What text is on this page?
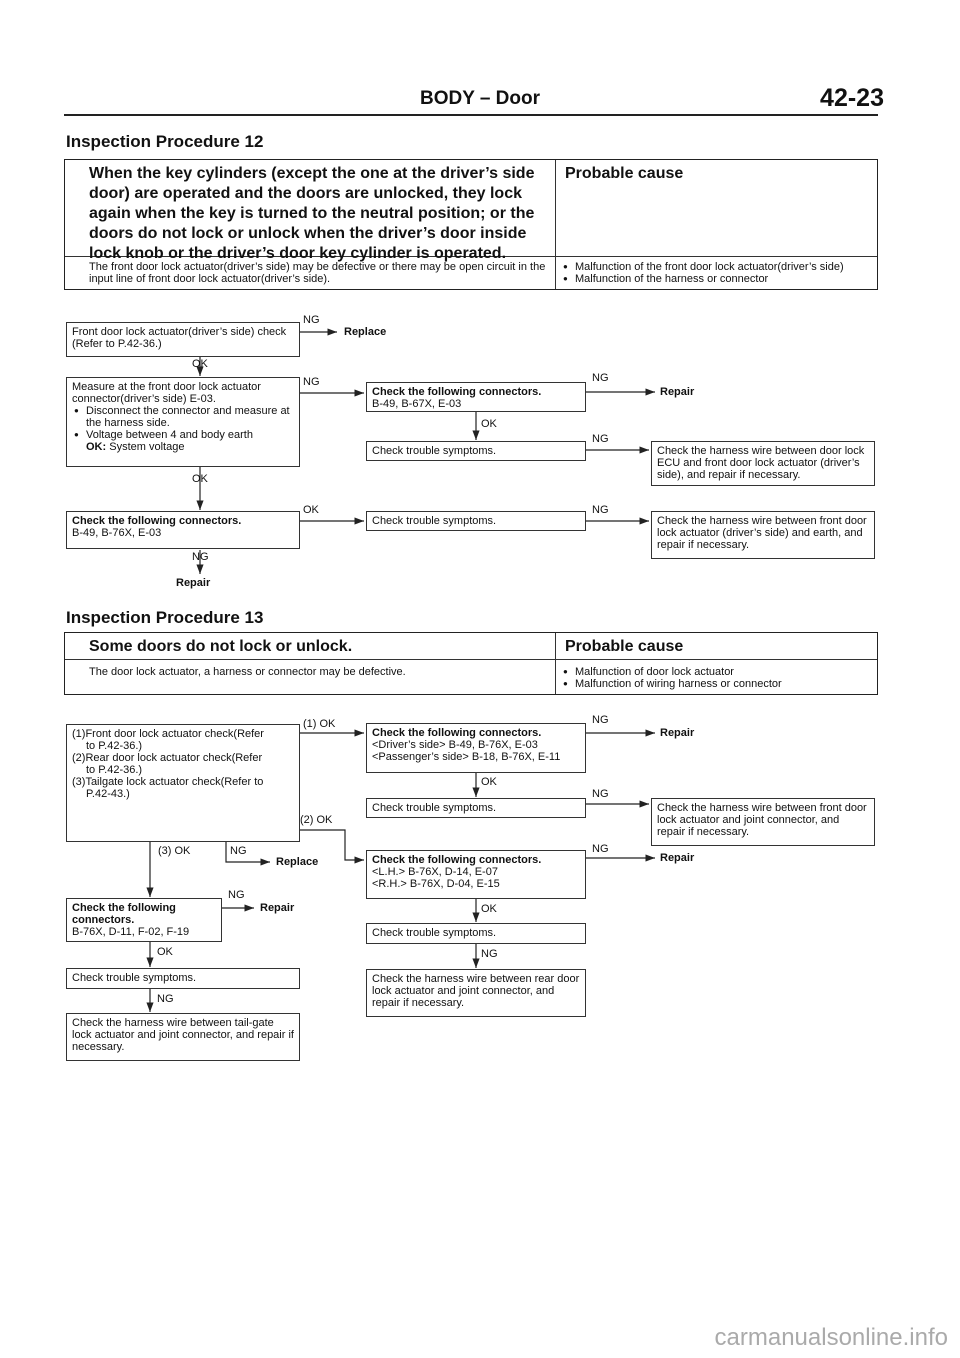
BODY – Door	42-23
Inspection Procedure 12
When the key cylinders (except the one at the driver’s side door) are operated and the doors are unlocked, they lock again when the key is turned to the neutral position; or the doors do not lock or unlock when the driver’s door inside lock knob or the driver’s door key cylinder is operated.
Probable cause
The front door lock actuator(driver’s side) may be defective or there may be open circuit in the input line of front door lock actuator(driver’s side).
● Malfunction of the front door lock actuator(driver’s side)
● Malfunction of the harness or connector
Front door lock actuator(driver’s side) check (Refer to P.42-36.)
NG
Replace
OK
Measure at the front door lock actuator connector(driver’s side) E-03.
● Disconnect the connector and measure at the harness side.
● Voltage between 4 and body earth
OK: System voltage
NG
Check the following connectors.
B-49, B-67X, E-03
NG
Repair
OK
Check trouble symptoms.
NG
Check the harness wire between door lock ECU and front door lock actuator (driver’s side), and repair if necessary.
OK
Check the following connectors.
B-49, B-76X, E-03
OK
Check trouble symptoms.
NG
Check the harness wire between front door lock actuator (driver’s side) and earth, and repair if necessary.
NG
Repair
Inspection Procedure 13
Some doors do not lock or unlock.	Probable cause
The door lock actuator, a harness or connector may be defective.
●	Malfunction of door lock actuator
● Malfunction of wiring harness or connector
(1)Front door lock actuator check(Refer
to P.42-36.)
(2)Rear door lock actuator check(Refer
to P.42-36.)
(3)Tailgate lock actuator check(Refer to
P.42-43.)
(1) OK
(2) OK
Check the following connectors.
<Driver’s side> B-49, B-76X, E-03
<Passenger’s side> B-18, B-76X, E-11
NG
Repair
OK
Check trouble symptoms.
NG
Check the harness wire between front door lock actuator and joint connector, and repair if necessary.
(3) OK	NG
Replace	Check the following connectors.
<L.H.> B-76X, D-14, E-07
<R.H.> B-76X, D-04, E-15
NG
Repair
Check the following connectors.
B-76X, D-11, F-02, F-19
NG
Repair	OK
Check trouble symptoms.
NG
Check the harness wire between rear door lock actuator and joint connector, and repair if necessary.
OK
Check trouble symptoms.
NG
Check the harness wire between tail-gate lock actuator and joint connector, and repair if necessary.
carmanualsonline.info
